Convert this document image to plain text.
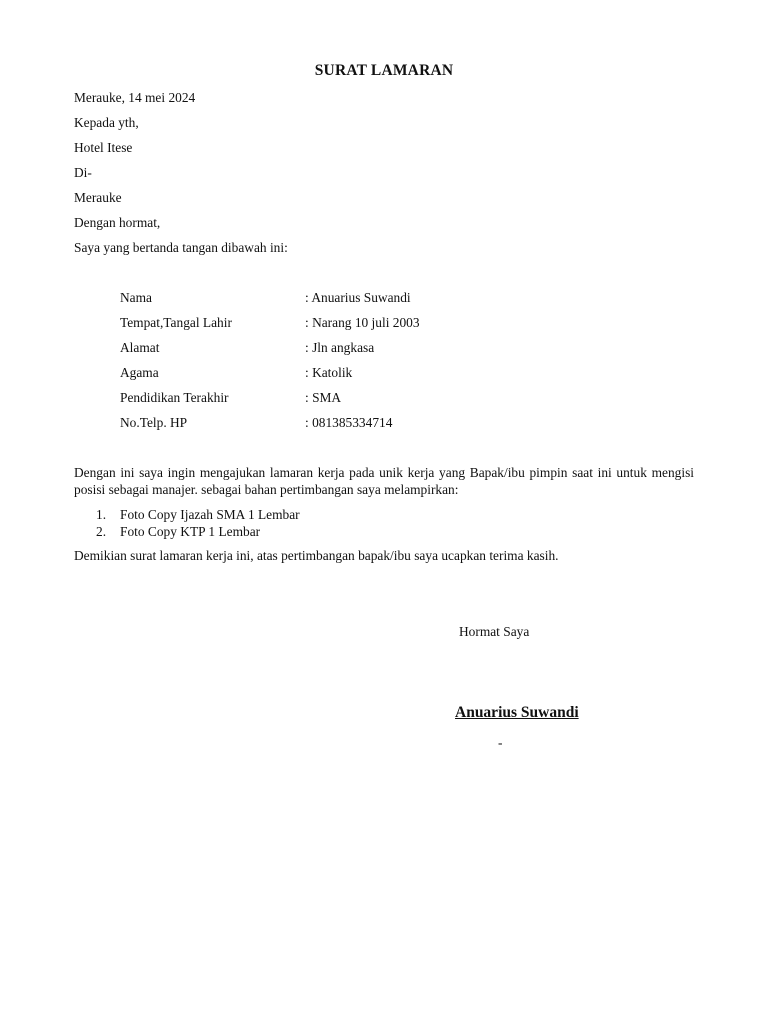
SURAT LAMARAN
Merauke, 14 mei 2024
Kepada yth,
Hotel Itese
Di-
Merauke
Dengan hormat,
Saya yang bertanda tangan dibawah ini:
Nama	: Anuarius Suwandi
Tempat,Tangal Lahir	: Narang 10 juli 2003
Alamat	: Jln angkasa
Agama	: Katolik
Pendidikan Terakhir	: SMA
No.Telp. HP	: 081385334714
Dengan ini saya ingin mengajukan lamaran kerja pada unik kerja yang Bapak/ibu pimpin saat ini untuk mengisi posisi sebagai manajer. sebagai bahan pertimbangan saya melampirkan:
1. Foto Copy Ijazah SMA 1 Lembar
2. Foto Copy KTP 1 Lembar
Demikian surat lamaran kerja ini, atas pertimbangan bapak/ibu saya ucapkan terima kasih.
Hormat Saya
Anuarius Suwandi
-
